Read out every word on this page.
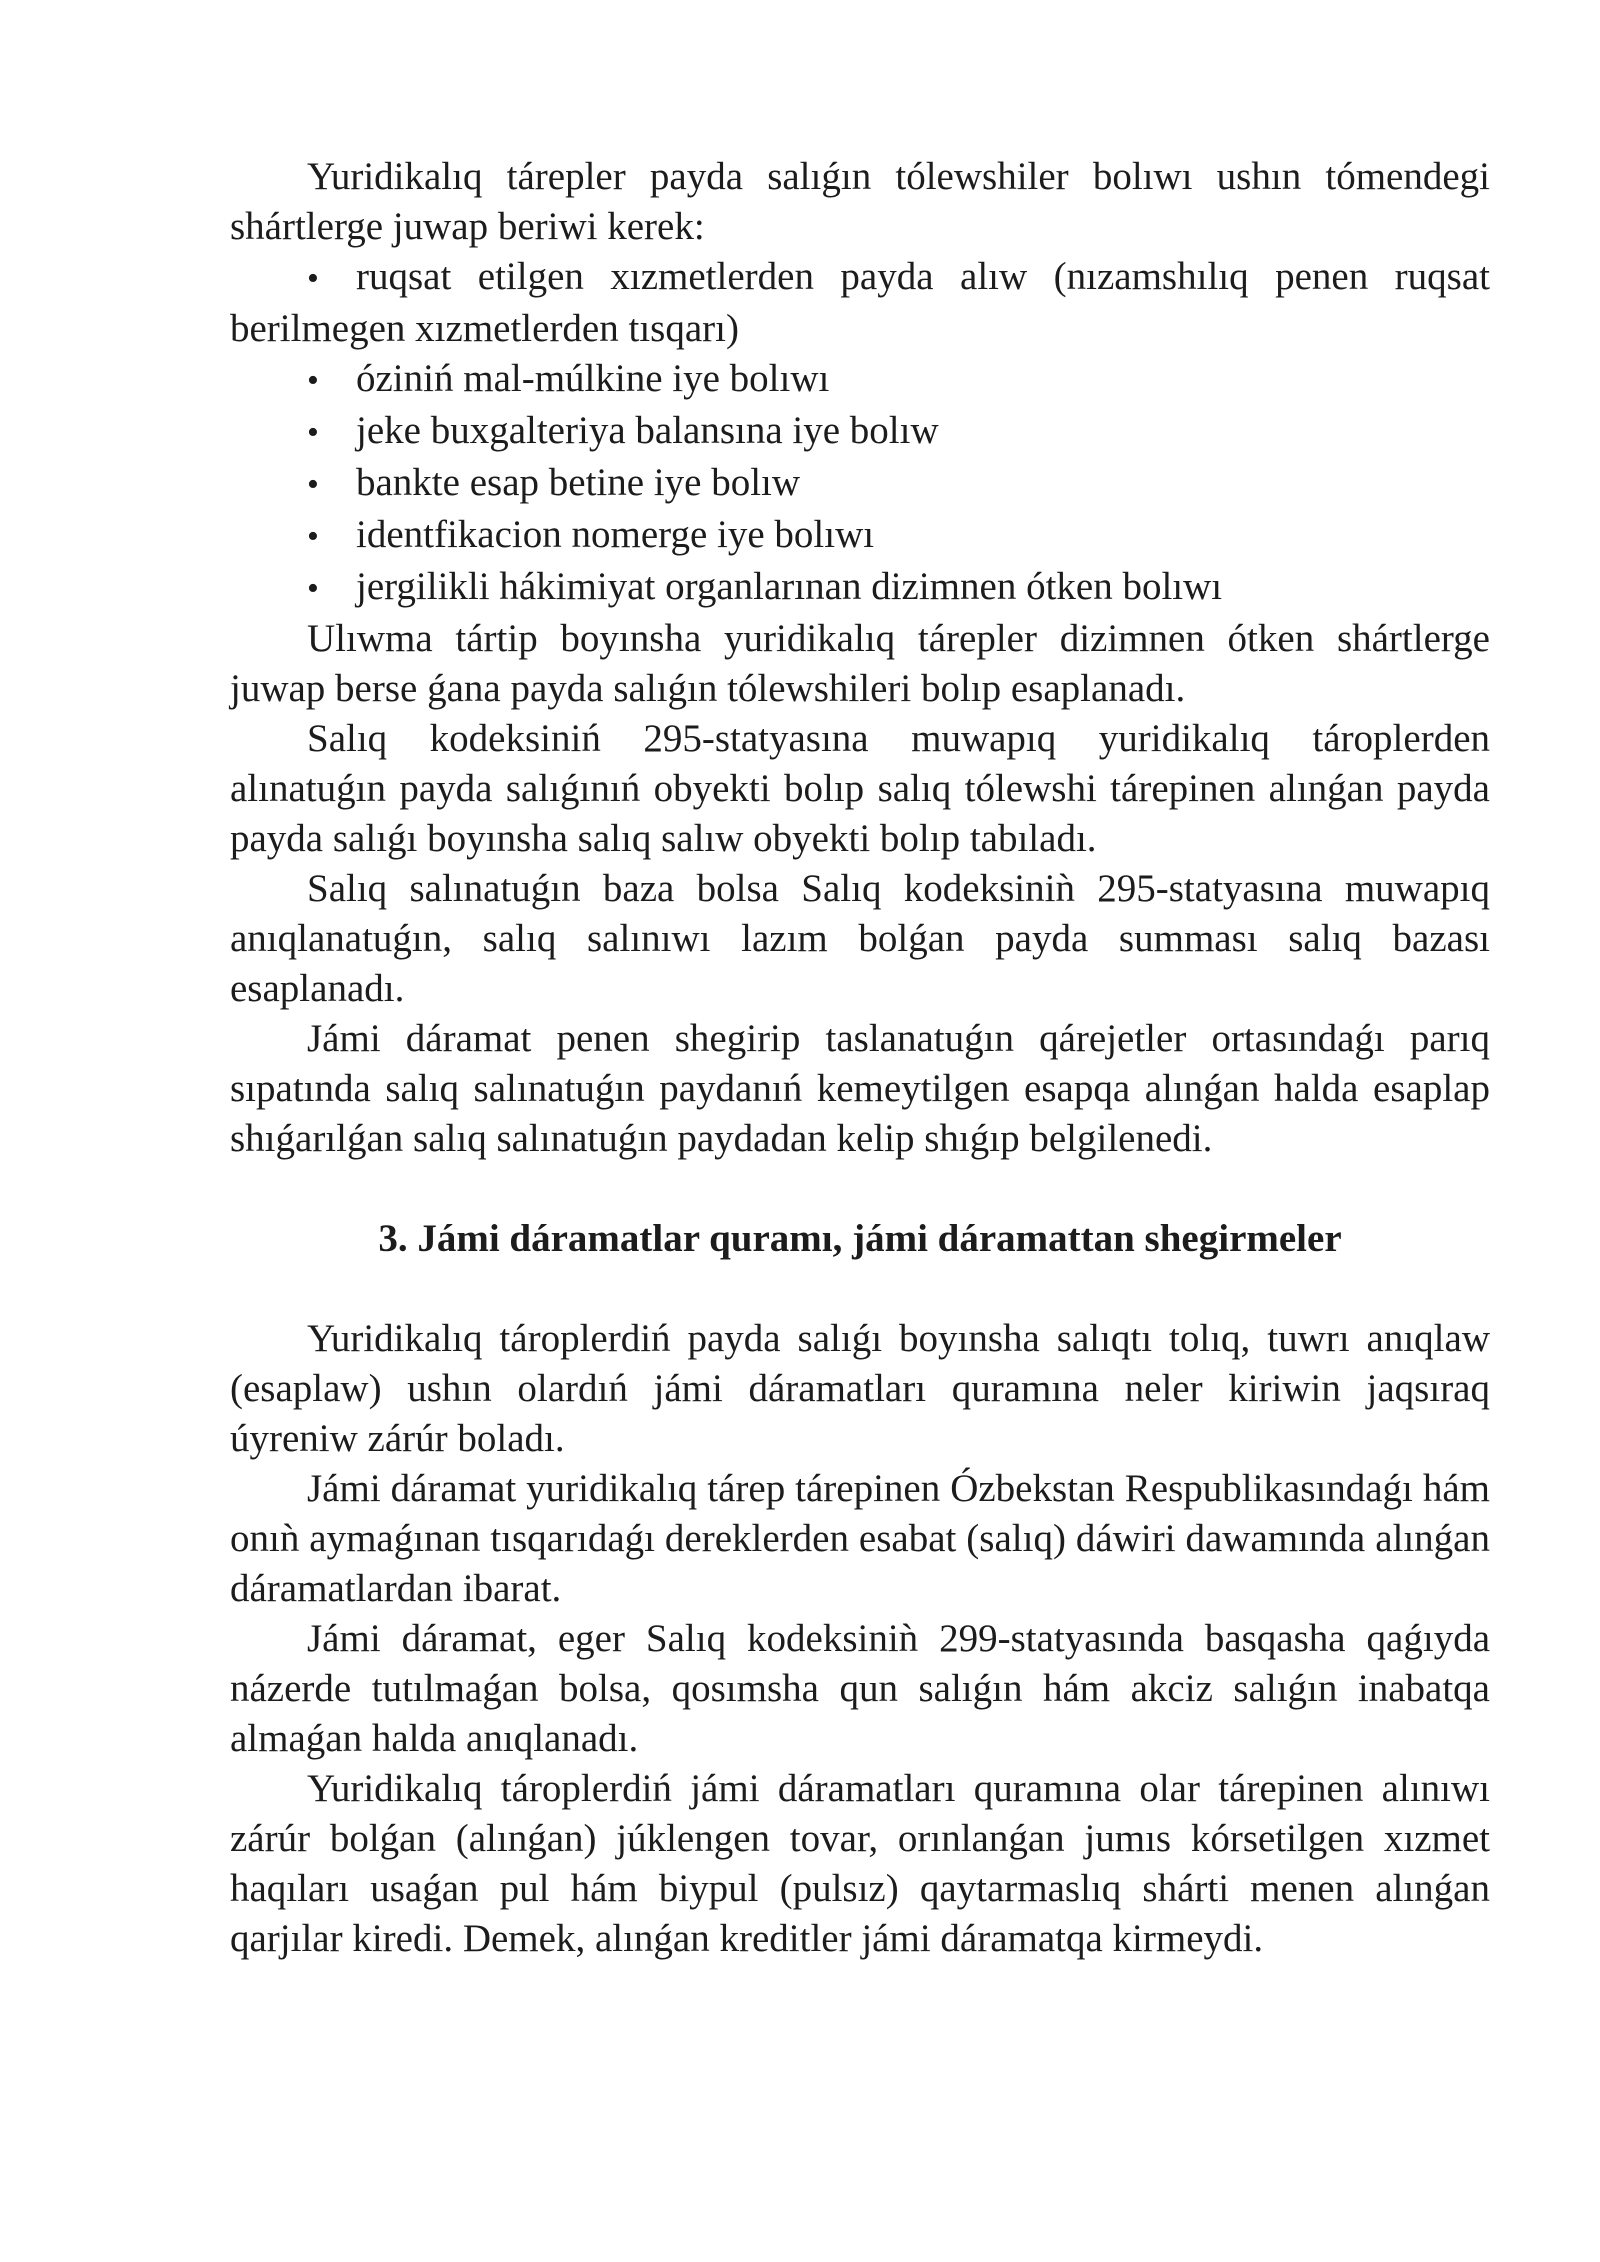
Yuridikalıq tárepler payda salıǵın tólewshiler bolıwı ushın tómendegi shártlerge juwap beriwi kerek:

• ruqsat etilgen xızmetlerden payda alıw (nızamshılıq penen ruqsat berilmegen xızmetlerden tısqarı)
• óziniń mal-múlkine iye bolıwı
• jeke buxgalteriya balansına iye bolıw
• bankte esap betine iye bolıw
• identfikacion nomerge iye bolıwı
• jergilikli hákimiyat organlarınan dizimnen ótken bolıwı

Ulıwma tártip boyınsha yuridikalıq tárepler dizimnen ótken shártlerge juwap berse ǵana payda salıǵın tólewshileri bolıp esaplanadı.

Salıq kodeksiniń 295-statyasına muwapıq yuridikalıq tároplerden alınatuǵın payda salıǵınıń obyekti bolıp salıq tólewshi tárepinen alınǵan payda payda salıǵı boyınsha salıq salıw obyekti bolıp tabıladı.

Salıq salınatuǵın baza bolsa Salıq kodeksiniǹ 295-statyasına muwapıq anıqlanatuǵın, salıq salınıwı lazım bolǵan payda summası salıq bazası esaplanadı.

Jámi dáramat penen shegirip taslanatuǵın qárejetler ortasındaǵı parıq sıpatında salıq salınatuǵın paydanıń kemeytilgen esapqa alınǵan halda esaplap shıǵarılǵan salıq salınatuǵın paydadan kelip shıǵıp belgilenedi.

3. Jámi dáramatlar quramı, jámi dáramattan shegirmeler

Yuridikalıq tároplerdiń payda salıǵı boyınsha salıqtı tolıq, tuwrı anıqlaw (esaplaw) ushın olardıń jámi dáramatları quramına neler kiriwin jaqsıraq úyreniw zárúr boladı.

Jámi dáramat yuridikalıq tárep tárepinen Ózbekstan Respublikasındaǵı hám onıǹ aymaǵınan tısqarıdaǵı dereklerden esabat (salıq) dáwiri dawamında alınǵan dáramatlardan ibarat.

Jámi dáramat, eger Salıq kodeksiniǹ 299-statyasında basqasha qaǵıyda názerde tutılmaǵan bolsa, qosımsha qun salıǵın hám akciz salıǵın inabatqa almaǵan halda anıqlanadı.

Yuridikalıq tároplerdiń jámi dáramatları quramına olar tárepinen alınıwı zárúr bolǵan (alınǵan) júklengen tovar, orınlanǵan jumıs kórsetilgen xızmet haqıları usaǵan pul hám biypul (pulsız) qaytarmaslıq shárti menen alınǵan qarjılar kiredi. Demek, alınǵan kreditler jámi dáramatqa kirmeydi.
